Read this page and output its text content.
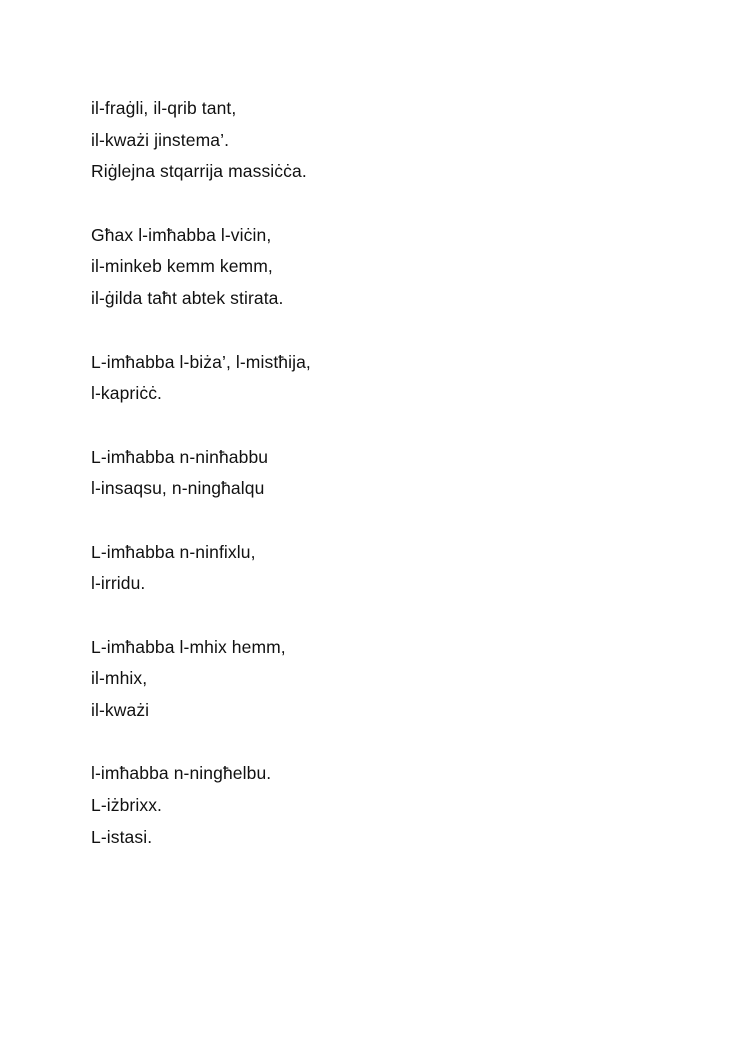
il-fraġli, il-qrib tant,
il-kważi jinstema’.
Riġlejna stqarrija massiċċa.
Għax l-imħabba l-viċin,
il-minkeb kemm kemm,
il-ġilda taħt abtek stirata.
L-imħabba l-biża’, l-mistħija,
l-kapriċċ.
L-imħabba n-ninħabbu
l-insaqsu, n-ningħalqu
L-imħabba n-ninfixlu,
l-irridu.
L-imħabba l-mhix hemm,
il-mhix,
il-kważi
l-imħabba n-ningħelbu.
L-iżbrixx.
L-istasi.
